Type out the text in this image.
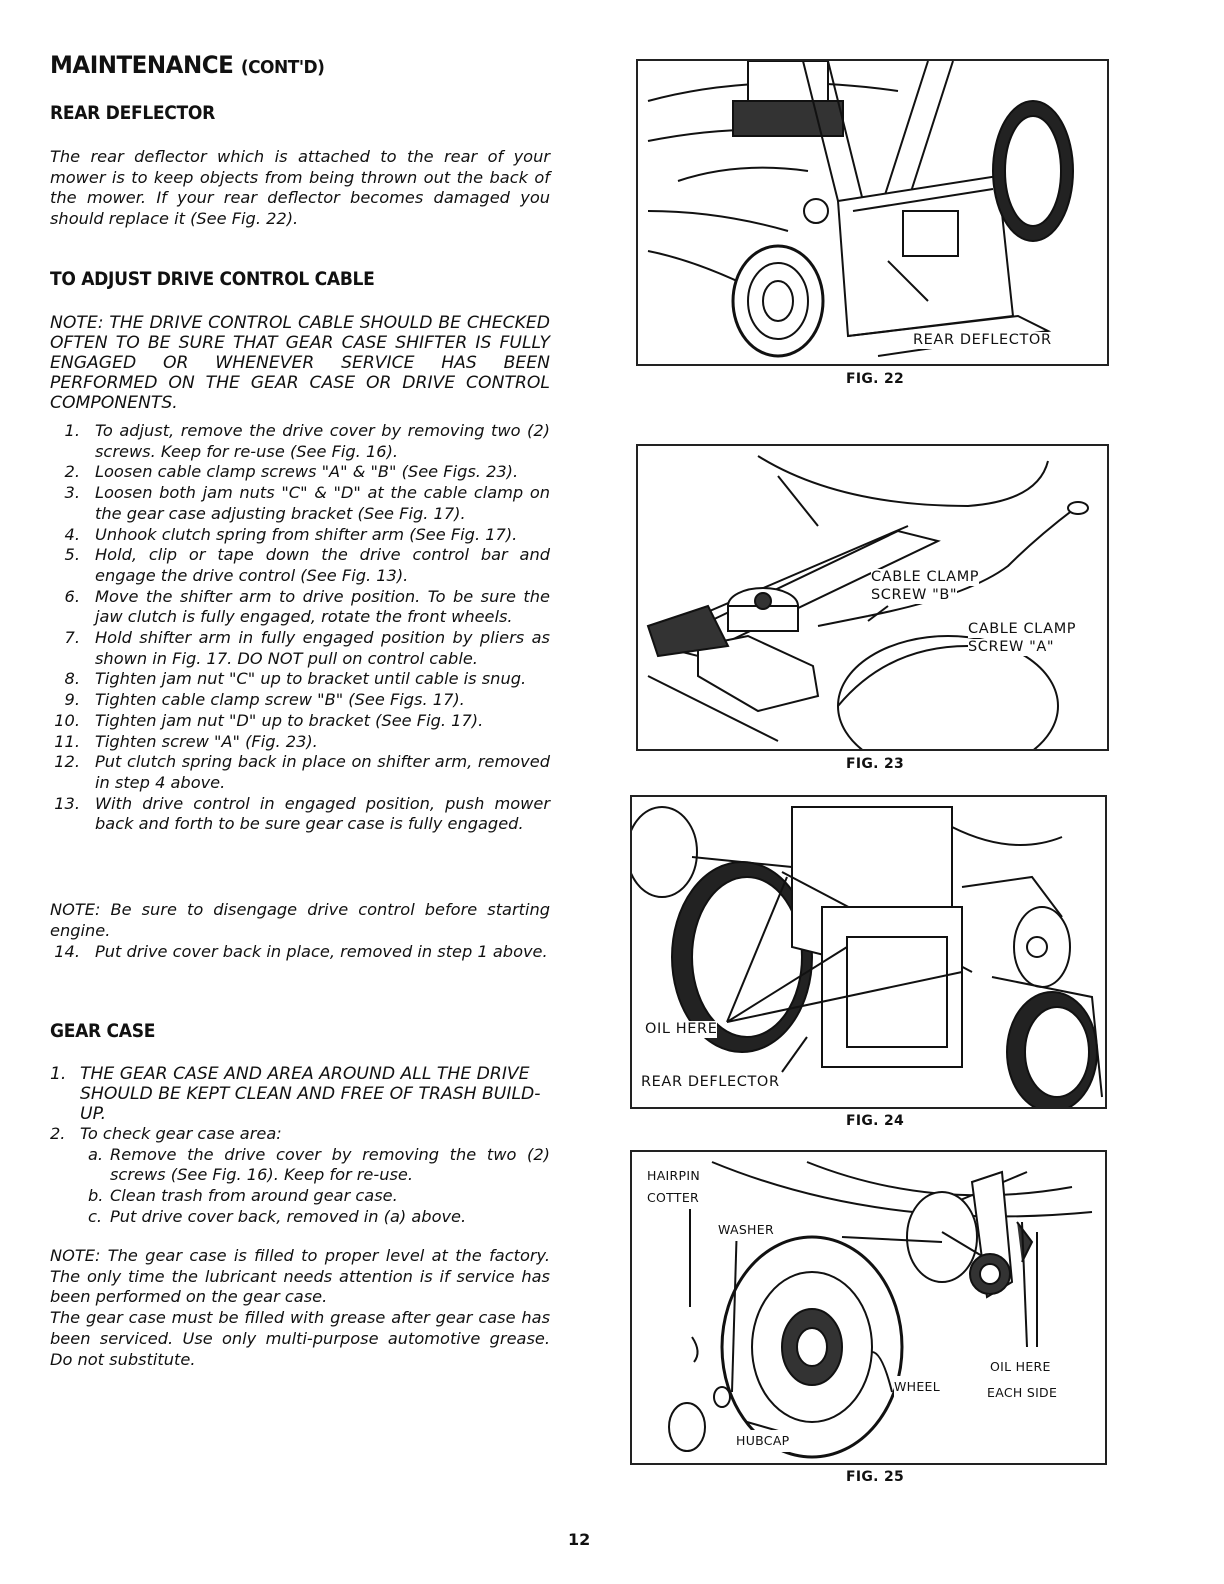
MAINTENANCE (CONT'D)
REAR DEFLECTOR

The rear deflector which is attached to the rear of your mower is to keep objects from being thrown out the back of the mower. If your rear deflector becomes damaged you should replace it (See Fig. 22).

TO ADJUST DRIVE CONTROL CABLE

NOTE: THE DRIVE CONTROL CABLE SHOULD BE CHECKED OFTEN TO BE SURE THAT GEAR CASE SHIFTER IS FULLY ENGAGED OR WHENEVER SERVICE HAS BEEN PERFORMED ON THE GEAR CASE OR DRIVE CONTROL COMPONENTS.

1. To adjust, remove the drive cover by removing two (2) screws. Keep for re-use (See Fig. 16).
2. Loosen cable clamp screws "A" & "B" (See Figs. 23).
3. Loosen both jam nuts "C" & "D" at the cable clamp on the gear case adjusting bracket (See Fig. 17).
4. Unhook clutch spring from shifter arm (See Fig. 17).
5. Hold, clip or tape down the drive control bar and engage the drive control (See Fig. 13).
6. Move the shifter arm to drive position. To be sure the jaw clutch is fully engaged, rotate the front wheels.
7. Hold shifter arm in fully engaged position by pliers as shown in Fig. 17. DO NOT pull on control cable.
8. Tighten jam nut "C" up to bracket until cable is snug.
9. Tighten cable clamp screw "B" (See Figs. 17).
10. Tighten jam nut "D" up to bracket (See Fig. 17).
11. Tighten screw "A" (Fig. 23).
12. Put clutch spring back in place on shifter arm, removed in step 4 above.
13. With drive control in engaged position, push mower back and forth to be sure gear case is fully engaged.

NOTE: Be sure to disengage drive control before starting engine.

14. Put drive cover back in place, removed in step 1 above.
GEAR CASE
1. THE GEAR CASE AND AREA AROUND ALL THE DRIVE SHOULD BE KEPT CLEAN AND FREE OF TRASH BUILD-UP.
2. To check gear case area:
a. Remove the drive cover by removing the two (2) screws (See Fig. 16). Keep for re-use.
b. Clean trash from around gear case.
c. Put drive cover back, removed in (a) above.
NOTE: The gear case is filled to proper level at the factory. The only time the lubricant needs attention is if service has been performed on the gear case.
The gear case must be filled with grease after gear case has been serviced. Use only multi-purpose automotive grease. Do not substitute.
REAR DEFLECTOR
FIG. 22
CABLE CLAMP
SCREW "B"
CABLE CLAMP
SCREW "A"
FIG. 23
OIL HERE
REAR DEFLECTOR
FIG. 24
HAIRPIN
COTTER
WASHER
WHEEL
OIL HERE
EACH SIDE
HUBCAP
FIG. 25
12
